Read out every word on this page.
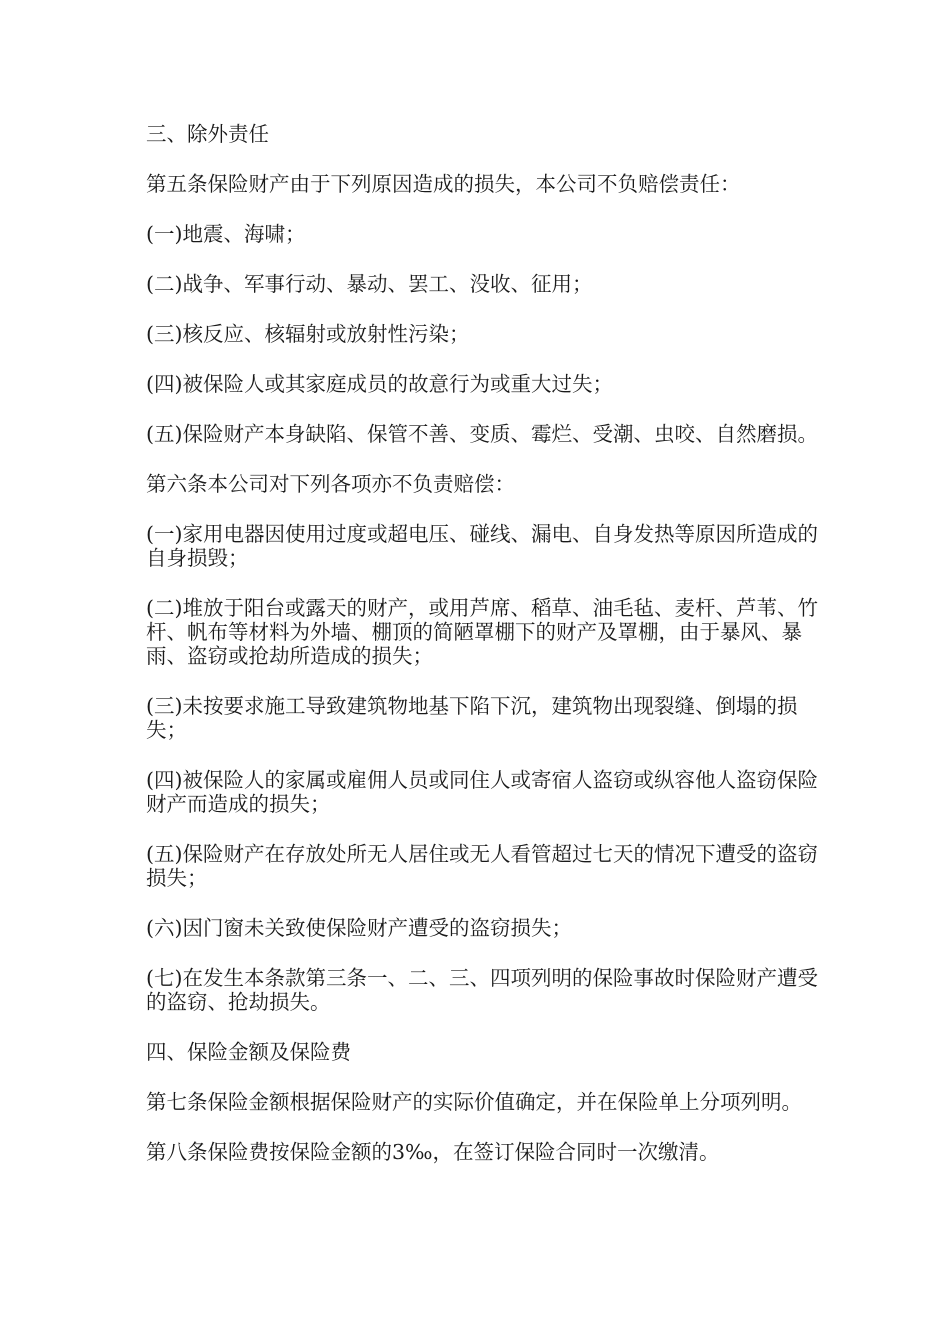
三、除外责任

第五条保险财产由于下列原因造成的损失，本公司不负赔偿责任：

(一)地震、海啸；

(二)战争、军事行动、暴动、罢工、没收、征用；

(三)核反应、核辐射或放射性污染；

(四)被保险人或其家庭成员的故意行为或重大过失；

(五)保险财产本身缺陷、保管不善、变质、霉烂、受潮、虫咬、自然磨损。

第六条本公司对下列各项亦不负责赔偿：

(一)家用电器因使用过度或超电压、碰线、漏电、自身发热等原因所造成的自身损毁；

(二)堆放于阳台或露天的财产，或用芦席、稻草、油毛毡、麦杆、芦苇、竹杆、帆布等材料为外墙、棚顶的简陋罩棚下的财产及罩棚，由于暴风、暴雨、盗窃或抢劫所造成的损失；

(三)未按要求施工导致建筑物地基下陷下沉，建筑物出现裂缝、倒塌的损失；

(四)被保险人的家属或雇佣人员或同住人或寄宿人盗窃或纵容他人盗窃保险财产而造成的损失；

(五)保险财产在存放处所无人居住或无人看管超过七天的情况下遭受的盗窃损失；

(六)因门窗未关致使保险财产遭受的盗窃损失；

(七)在发生本条款第三条一、二、三、四项列明的保险事故时保险财产遭受的盗窃、抢劫损失。

四、保险金额及保险费

第七条保险金额根据保险财产的实际价值确定，并在保险单上分项列明。

第八条保险费按保险金额的3‰，在签订保险合同时一次缴清。
